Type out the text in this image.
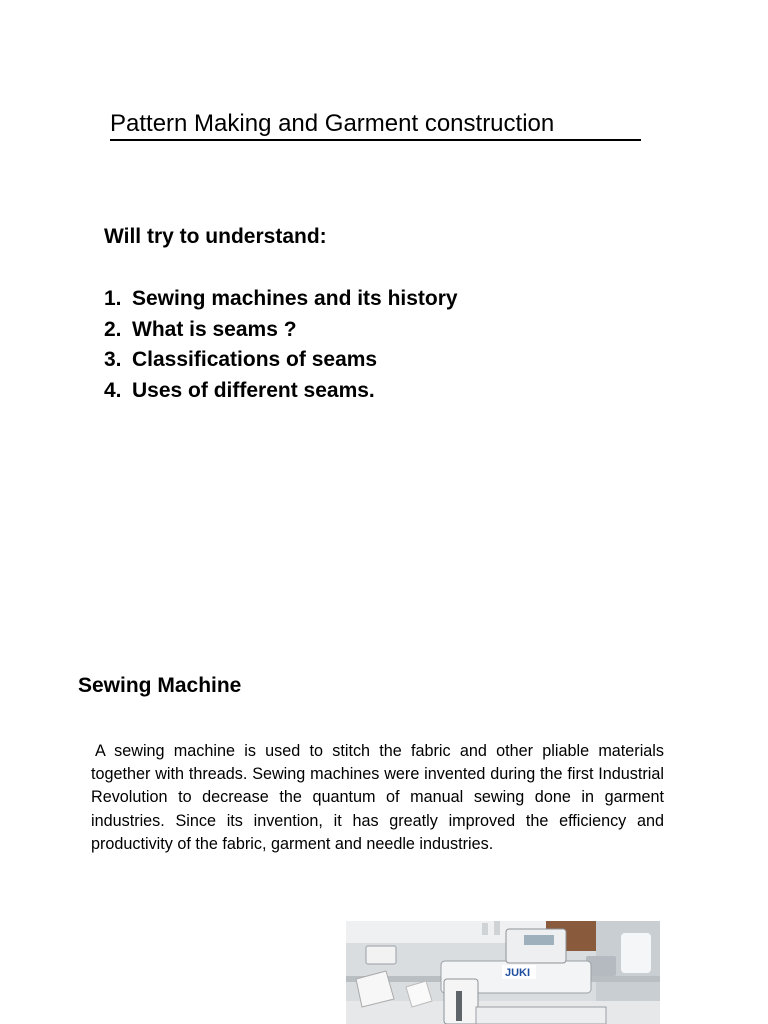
Pattern Making and Garment construction

Will try to understand:

1. Sewing machines and its history
2. What is seams ?
3. Classifications of seams
4. Uses of different seams.
Sewing Machine

A sewing machine is used to stitch the fabric and other pliable materials together with threads. Sewing machines were invented during the first Industrial Revolution to decrease the quantum of manual sewing done in garment industries. Since its invention, it has greatly improved the efficiency and productivity of the fabric, garment and needle industries.

JUKI
